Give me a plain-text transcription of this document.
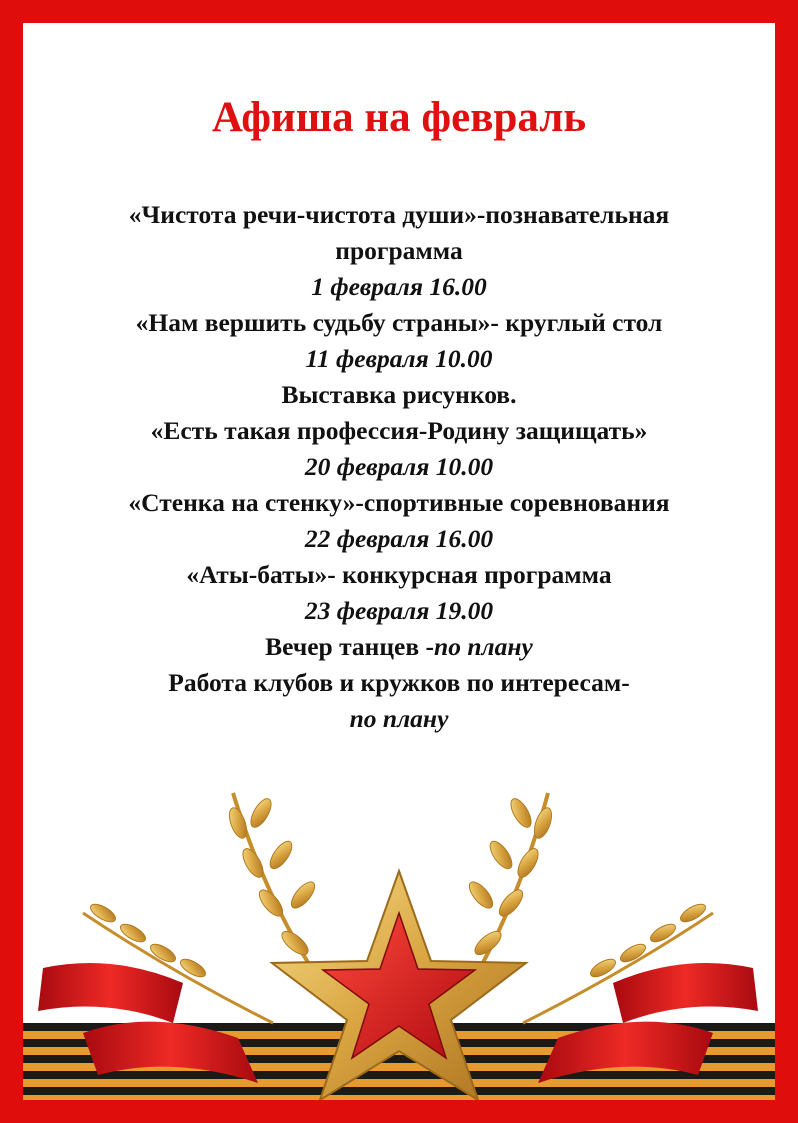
Афиша на февраль
«Чистота речи-чистота души»-познавательная программа
1 февраля 16.00
«Нам вершить судьбу страны»- круглый стол
11 февраля 10.00
Выставка рисунков.
«Есть такая профессия-Родину защищать»
20 февраля 10.00
«Стенка на стенку»-спортивные соревнования
22 февраля 16.00
«Аты-баты»- конкурсная программа
23 февраля 19.00
Вечер танцев -по плану
Работа клубов и кружков по интересам-
по плану
